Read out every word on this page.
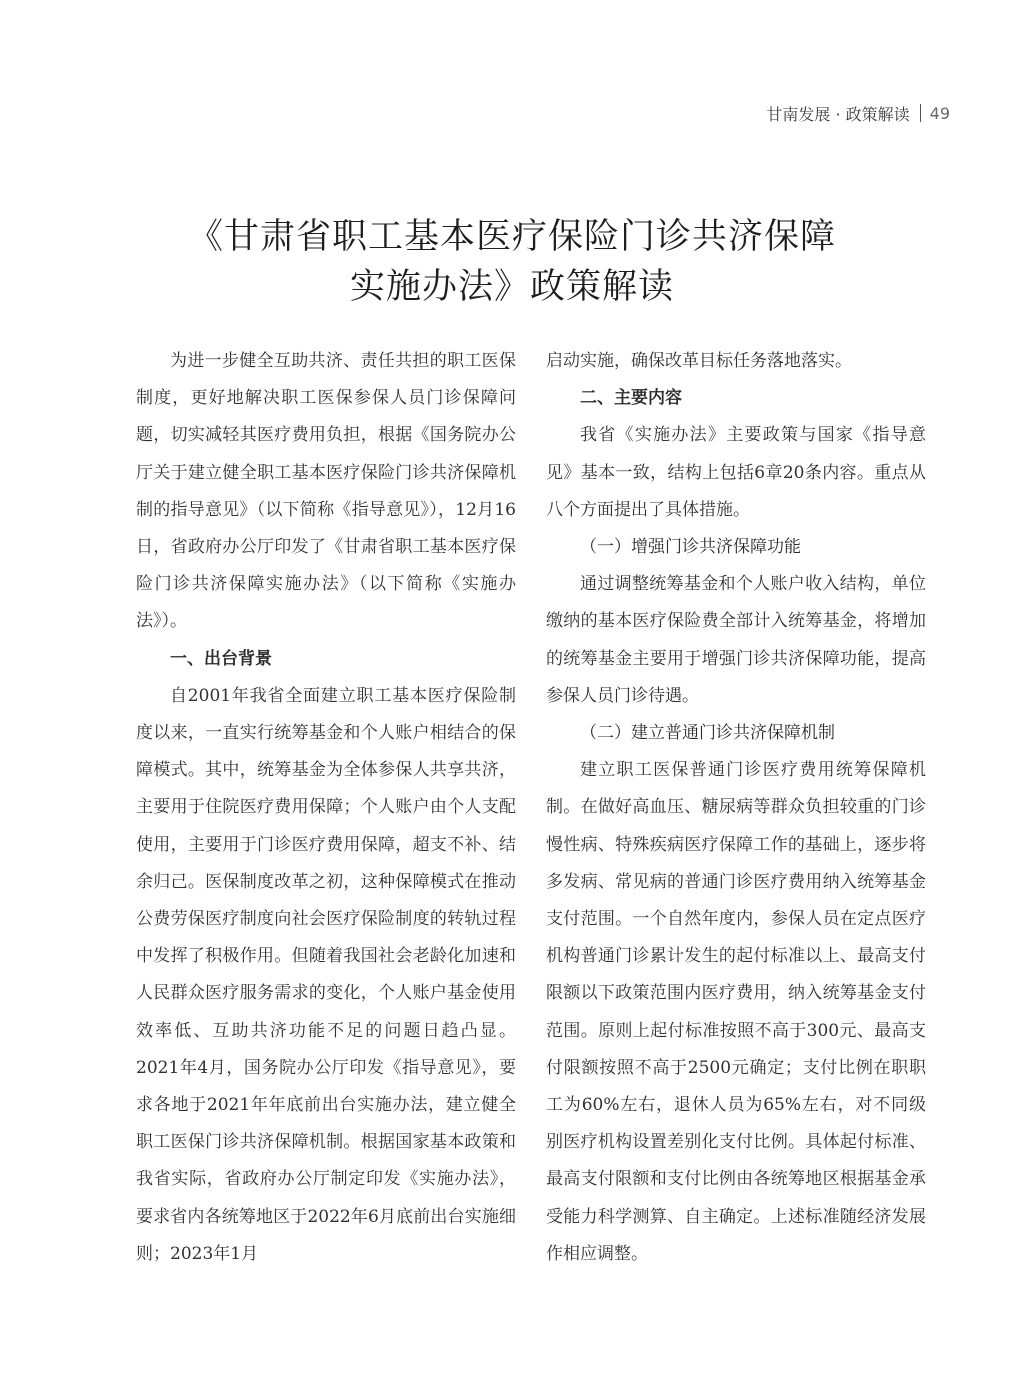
甘南发展 · 政策解读 49
《甘肃省职工基本医疗保险门诊共济保障
实施办法》政策解读

为进一步健全互助共济、责任共担的职工医保制度，更好地解决职工医保参保人员门诊保障问题，切实减轻其医疗费用负担，根据《国务院办公厅关于建立健全职工基本医疗保险门诊共济保障机制的指导意见》（以下简称《指导意见》），12月16日，省政府办公厅印发了《甘肃省职工基本医疗保险门诊共济保障实施办法》（以下简称《实施办法》）。

一、出台背景

自2001年我省全面建立职工基本医疗保险制度以来，一直实行统筹基金和个人账户相结合的保障模式。其中，统筹基金为全体参保人共享共济，主要用于住院医疗费用保障；个人账户由个人支配使用，主要用于门诊医疗费用保障，超支不补、结余归己。医保制度改革之初，这种保障模式在推动公费劳保医疗制度向社会医疗保险制度的转轨过程中发挥了积极作用。但随着我国社会老龄化加速和人民群众医疗服务需求的变化，个人账户基金使用效率低、互助共济功能不足的问题日趋凸显。2021年4月，国务院办公厅印发《指导意见》，要求各地于2021年年底前出台实施办法，建立健全职工医保门诊共济保障机制。根据国家基本政策和我省实际，省政府办公厅制定印发《实施办法》，要求省内各统筹地区于2022年6月底前出台实施细则；2023年1月

启动实施，确保改革目标任务落地落实。

二、主要内容

我省《实施办法》主要政策与国家《指导意见》基本一致，结构上包括6章20条内容。重点从八个方面提出了具体措施。

（一）增强门诊共济保障功能

通过调整统筹基金和个人账户收入结构，单位缴纳的基本医疗保险费全部计入统筹基金，将增加的统筹基金主要用于增强门诊共济保障功能，提高参保人员门诊待遇。

（二）建立普通门诊共济保障机制

建立职工医保普通门诊医疗费用统筹保障机制。在做好高血压、糖尿病等群众负担较重的门诊慢性病、特殊疾病医疗保障工作的基础上，逐步将多发病、常见病的普通门诊医疗费用纳入统筹基金支付范围。一个自然年度内，参保人员在定点医疗机构普通门诊累计发生的起付标准以上、最高支付限额以下政策范围内医疗费用，纳入统筹基金支付范围。原则上起付标准按照不高于300元、最高支付限额按照不高于2500元确定；支付比例在职职工为60%左右，退休人员为65%左右，对不同级别医疗机构设置差别化支付比例。具体起付标准、最高支付限额和支付比例由各统筹地区根据基金承受能力科学测算、自主确定。上述标准随经济发展作相应调整。
